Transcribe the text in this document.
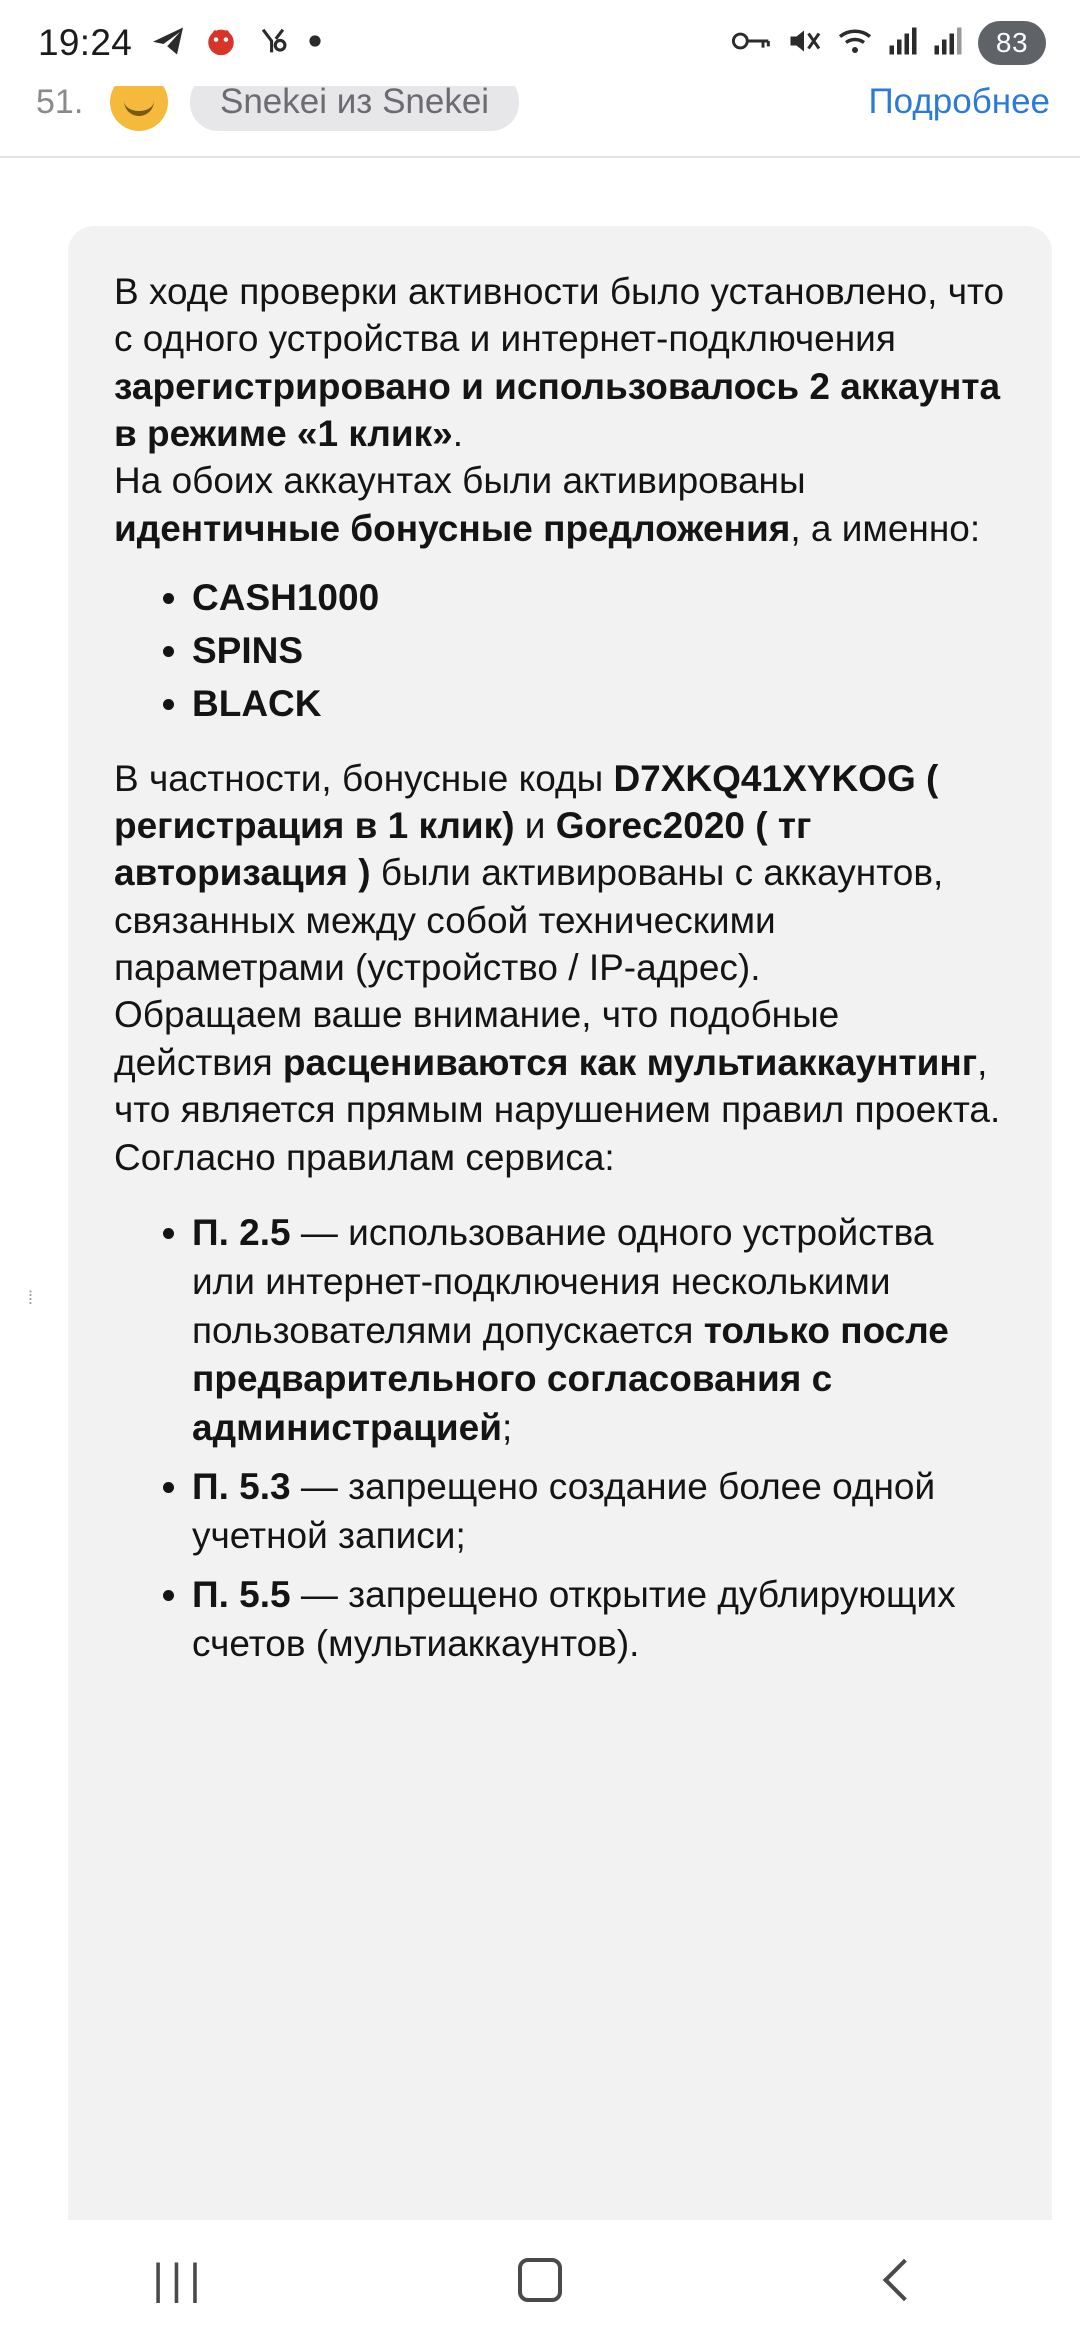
19:24	83
51.	Snekei из Snekei	Подробнее
⁞

В ходе проверки активности было установлено, что с одного устройства и интернет-подключения зарегистрировано и использовалось 2 аккаунта в режиме «1 клик».

На обоих аккаунтах были активированы идентичные бонусные предложения, а именно:

• CASH1000
• SPINS
• BLACK

В частности, бонусные коды D7XKQ41XYKOG ( регистрация в 1 клик) и Gorec2020 ( тг авторизация ) были активированы с аккаунтов, связанных между собой техническими параметрами (устройство / IP-адрес).

Обращаем ваше внимание, что подобные действия расцениваются как мультиаккаунтинг, что является прямым нарушением правил проекта.

Согласно правилам сервиса:

• П. 2.5 — использование одного устройства или интернет-подключения несколькими пользователями допускается только после предварительного согласования с администрацией;
• П. 5.3 — запрещено создание более одной учетной записи;
• П. 5.5 — запрещено открытие дублирующих счетов (мультиаккаунтов).
|||
